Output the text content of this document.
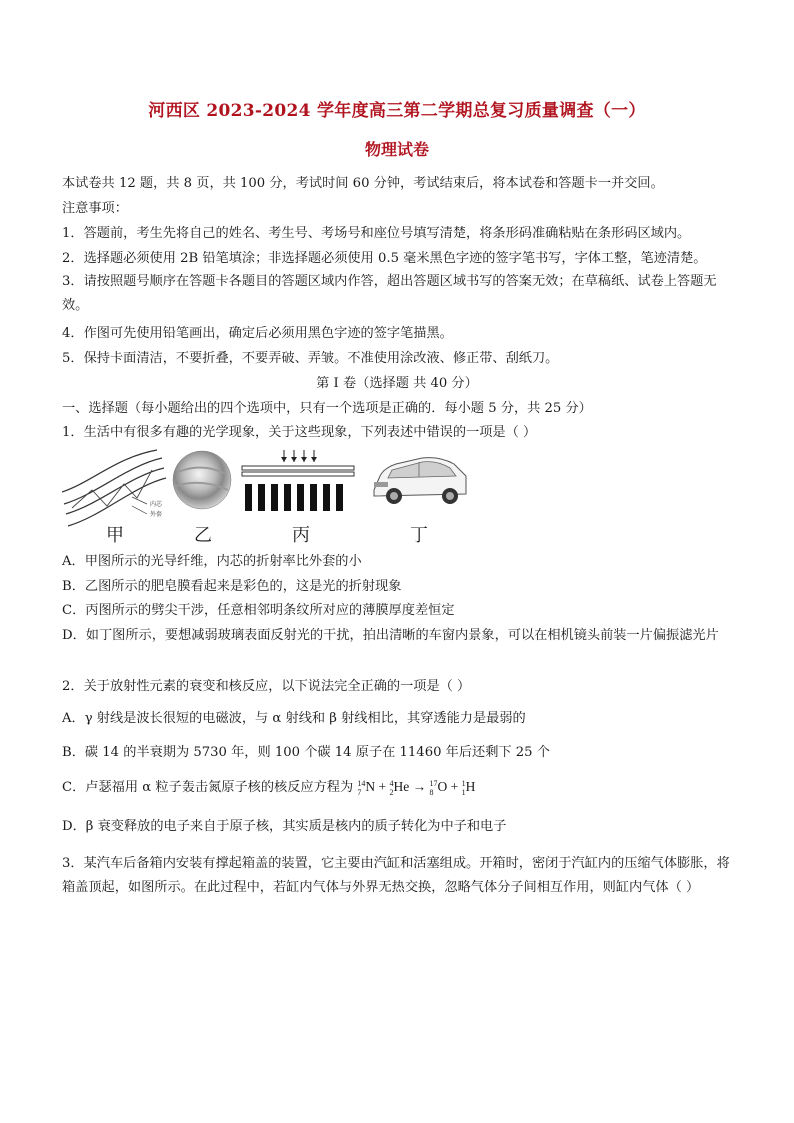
河西区 2023-2024 学年度高三第二学期总复习质量调查（一）
物理试卷
本试卷共 12 题，共 8 页，共 100 分，考试时间 60 分钟，考试结束后，将本试卷和答题卡一并交回。
注意事项：
1．答题前，考生先将自己的姓名、考生号、考场号和座位号填写清楚，将条形码准确粘贴在条形码区域内。
2．选择题必须使用 2B 铅笔填涂；非选择题必须使用 0.5 毫米黑色字迹的签字笔书写，字体工整，笔迹清楚。
3．请按照题号顺序在答题卡各题目的答题区域内作答，超出答题区域书写的答案无效；在草稿纸、试卷上答题无效。
4．作图可先使用铅笔画出，确定后必须用黑色字迹的签字笔描黑。
5．保持卡面清洁，不要折叠，不要弄破、弄皱。不准使用涂改液、修正带、刮纸刀。
第 I 卷（选择题 共 40 分）
一、选择题（每小题给出的四个选项中，只有一个选项是正确的．每小题 5 分，共 25 分）
1．生活中有很多有趣的光学现象，关于这些现象，下列表述中错误的一项是（ ）
内芯
外套
甲	乙	丙	丁
A．甲图所示的光导纤维，内芯的折射率比外套的小
B．乙图所示的肥皂膜看起来是彩色的，这是光的折射现象
C．丙图所示的劈尖干涉，任意相邻明条纹所对应的薄膜厚度差恒定
D．如丁图所示，要想减弱玻璃表面反射光的干扰，拍出清晰的车窗内景象，可以在相机镜头前装一片偏振滤光片
2．关于放射性元素的衰变和核反应，以下说法完全正确的一项是（ ）
A．γ 射线是波长很短的电磁波，与 α 射线和 β 射线相比，其穿透能力是最弱的
B．碳 14 的半衰期为 5730 年，则 100 个碳 14 原子在 11460 年后还剩下 25 个
C．卢瑟福用 α 粒子轰击氮原子核的核反应方程为 14
7 N + 4
2 He → 17
8 O + 1
1 H
D．β 衰变释放的电子来自于原子核，其实质是核内的质子转化为中子和电子
3．某汽车后备箱内安装有撑起箱盖的装置，它主要由汽缸和活塞组成。开箱时，密闭于汽缸内的压缩气体膨胀，将箱盖顶起，如图所示。在此过程中，若缸内气体与外界无热交换，忽略气体分子间相互作用，则缸内气体（ ）
